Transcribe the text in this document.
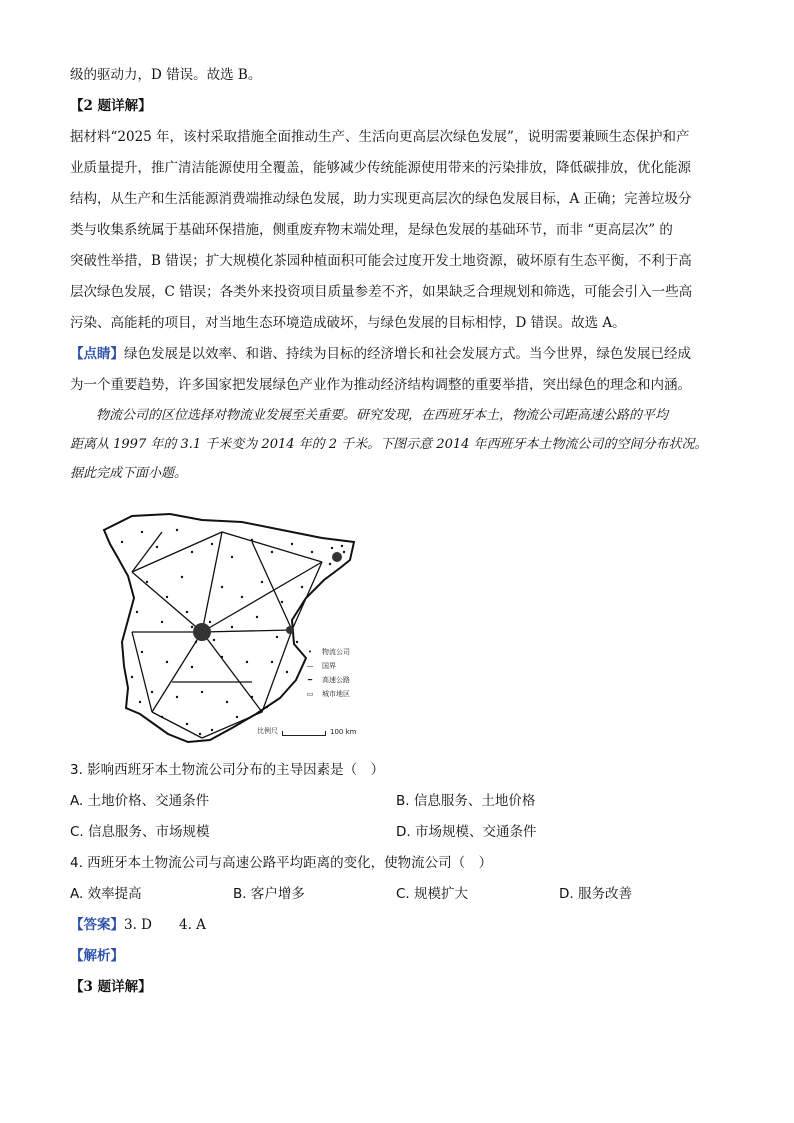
级的驱动力，D 错误。故选 B。
【2 题详解】
据材料“2025 年，该村采取措施全面推动生产、生活向更高层次绿色发展”，说明需要兼顾生态保护和产
业质量提升，推广清洁能源使用全覆盖，能够减少传统能源使用带来的污染排放，降低碳排放，优化能源
结构，从生产和生活能源消费端推动绿色发展，助力实现更高层次的绿色发展目标，A 正确；完善垃圾分
类与收集系统属于基础环保措施，侧重废弃物末端处理，是绿色发展的基础环节，而非 “更高层次” 的
突破性举措，B 错误；扩大规模化茶园种植面积可能会过度开发土地资源，破坏原有生态平衡，不利于高
层次绿色发展，C 错误；各类外来投资项目质量参差不齐，如果缺乏合理规划和筛选，可能会引入一些高
污染、高能耗的项目，对当地生态环境造成破坏，与绿色发展的目标相悖，D 错误。故选 A。
【点睛】绿色发展是以效率、和谐、持续为目标的经济增长和社会发展方式。当今世界，绿色发展已经成
为一个重要趋势，许多国家把发展绿色产业作为推动经济结构调整的重要举措，突出绿色的理念和内涵。
物流公司的区位选择对物流业发展至关重要。研究发现，在西班牙本土，物流公司距高速公路的平均
距离从 1997 年的 3.1 千米变为 2014 年的 2 千米。下图示意 2014 年西班牙本土物流公司的空间分布状况。
据此完成下面小题。
•	物流公司
—	国界
━	高速公路
▭	城市地区
比例尺	100 km
3. 影响西班牙本土物流公司分布的主导因素是（　）
A. 土地价格、交通条件	B. 信息服务、土地价格
C. 信息服务、市场规模	D. 市场规模、交通条件
4. 西班牙本土物流公司与高速公路平均距离的变化，使物流公司（　）
A. 效率提高	B. 客户增多	C. 规模扩大	D. 服务改善
【答案】3. D　　4. A
【解析】
【3 题详解】
